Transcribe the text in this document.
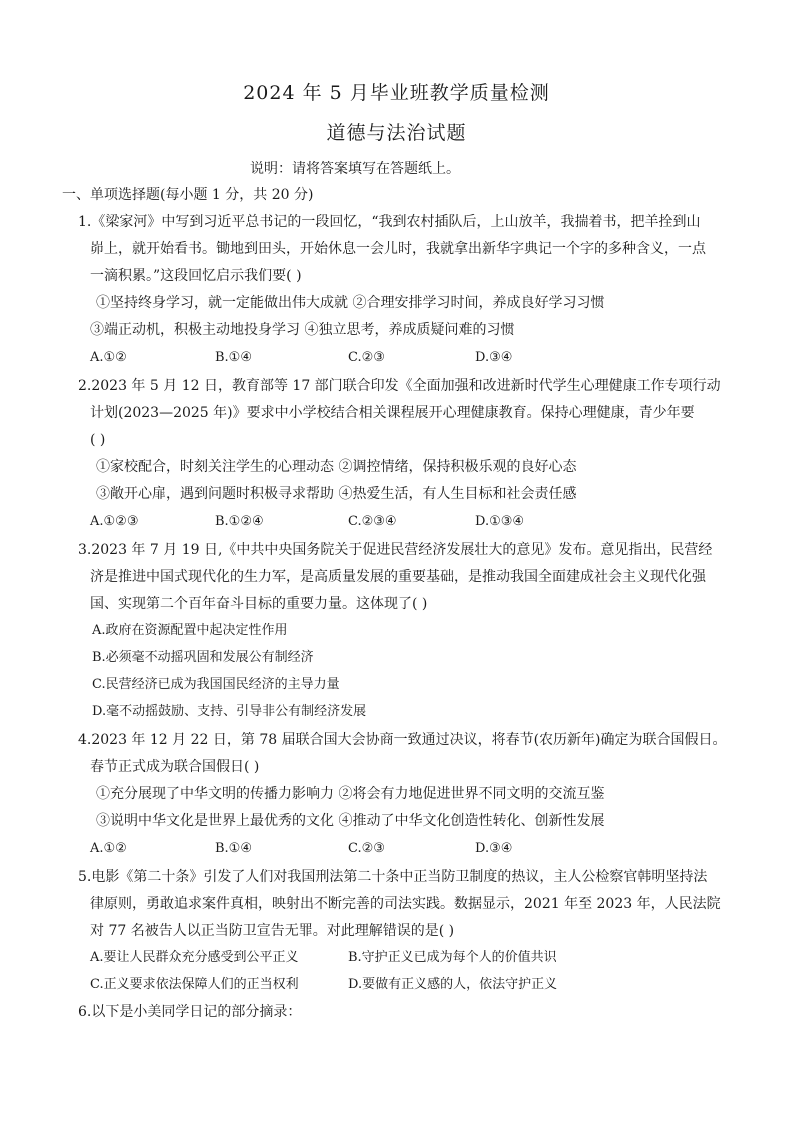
2024 年 5 月毕业班教学质量检测
道德与法治试题
说明：请将答案填写在答题纸上。
一、单项选择题(每小题 1 分，共 20 分)
1.《梁家河》中写到习近平总书记的一段回忆，“我到农村插队后，上山放羊，我揣着书，把羊拴到山
峁上，就开始看书。锄地到田头，开始休息一会儿时，我就拿出新华字典记一个字的多种含义，一点
一滴积累。”这段回忆启示我们要( )
①坚持终身学习，就一定能做出伟大成就 ②合理安排学习时间，养成良好学习习惯
③端正动机，积极主动地投身学习 ④独立思考，养成质疑问难的习惯
A.①②	B.①④	C.②③	D.③④
2.2023 年 5 月 12 日，教育部等 17 部门联合印发《全面加强和改进新时代学生心理健康工作专项行动
计划(2023—2025 年)》要求中小学校结合相关课程展开心理健康教育。保持心理健康，青少年要
( )
①家校配合，时刻关注学生的心理动态 ②调控情绪，保持积极乐观的良好心态
③敞开心扉，遇到问题时积极寻求帮助 ④热爱生活，有人生目标和社会责任感
A.①②③	B.①②④	C.②③④	D.①③④
3.2023 年 7 月 19 日,《中共中央国务院关于促进民营经济发展壮大的意见》发布。意见指出，民营经
济是推进中国式现代化的生力军，是高质量发展的重要基础，是推动我国全面建成社会主义现代化强
国、实现第二个百年奋斗目标的重要力量。这体现了( )
A.政府在资源配置中起决定性作用
B.必须毫不动摇巩固和发展公有制经济
C.民营经济已成为我国国民经济的主导力量
D.毫不动摇鼓励、支持、引导非公有制经济发展
4.2023 年 12 月 22 日，第 78 届联合国大会协商一致通过决议，将春节(农历新年)确定为联合国假日。
春节正式成为联合国假日( )
①充分展现了中华文明的传播力影响力 ②将会有力地促进世界不同文明的交流互鉴
③说明中华文化是世界上最优秀的文化 ④推动了中华文化创造性转化、创新性发展
A.①②	B.①④	C.②③	D.③④
5.电影《第二十条》引发了人们对我国刑法第二十条中正当防卫制度的热议，主人公检察官韩明坚持法
律原则，勇敢追求案件真相，映射出不断完善的司法实践。数据显示，2021 年至 2023 年，人民法院
对 77 名被告人以正当防卫宣告无罪。对此理解错误的是( )
A.要让人民群众充分感受到公平正义	B.守护正义已成为每个人的价值共识
C.正义要求依法保障人们的正当权利	D.要做有正义感的人，依法守护正义
6.以下是小美同学日记的部分摘录：
